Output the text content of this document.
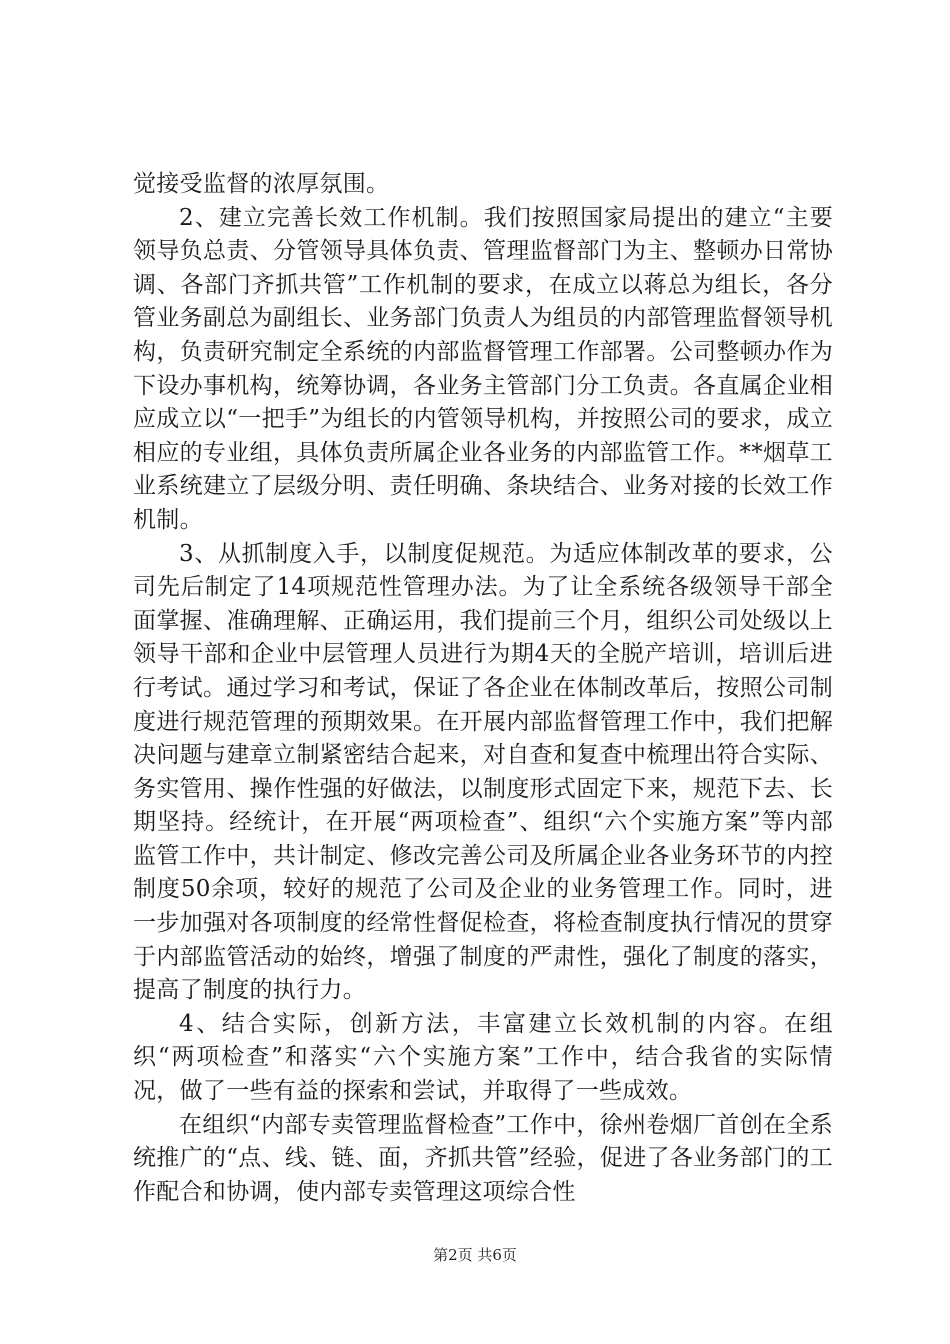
觉接受监督的浓厚氛围。

2、建立完善长效工作机制。我们按照国家局提出的建立“主要领导负总责、分管领导具体负责、管理监督部门为主、整顿办日常协调、各部门齐抓共管”工作机制的要求，在成立以蒋总为组长，各分管业务副总为副组长、业务部门负责人为组员的内部管理监督领导机构，负责研究制定全系统的内部监督管理工作部署。公司整顿办作为下设办事机构，统筹协调，各业务主管部门分工负责。各直属企业相应成立以“一把手”为组长的内管领导机构，并按照公司的要求，成立相应的专业组，具体负责所属企业各业务的内部监管工作。**烟草工业系统建立了层级分明、责任明确、条块结合、业务对接的长效工作机制。

3、从抓制度入手，以制度促规范。为适应体制改革的要求，公司先后制定了14项规范性管理办法。为了让全系统各级领导干部全面掌握、准确理解、正确运用，我们提前三个月，组织公司处级以上领导干部和企业中层管理人员进行为期4天的全脱产培训，培训后进行考试。通过学习和考试，保证了各企业在体制改革后，按照公司制度进行规范管理的预期效果。在开展内部监督管理工作中，我们把解决问题与建章立制紧密结合起来，对自查和复查中梳理出符合实际、务实管用、操作性强的好做法，以制度形式固定下来，规范下去、长期坚持。经统计，在开展“两项检查”、组织“六个实施方案”等内部监管工作中，共计制定、修改完善公司及所属企业各业务环节的内控制度50余项，较好的规范了公司及企业的业务管理工作。同时，进一步加强对各项制度的经常性督促检查，将检查制度执行情况的贯穿于内部监管活动的始终，增强了制度的严肃性，强化了制度的落实，提高了制度的执行力。

4、结合实际，创新方法，丰富建立长效机制的内容。在组织“两项检查”和落实“六个实施方案”工作中，结合我省的实际情况，做了一些有益的探索和尝试，并取得了一些成效。

在组织“内部专卖管理监督检查”工作中，徐州卷烟厂首创在全系统推广的“点、线、链、面，齐抓共管”经验，促进了各业务部门的工作配合和协调，使内部专卖管理这项综合性

第2页 共6页
